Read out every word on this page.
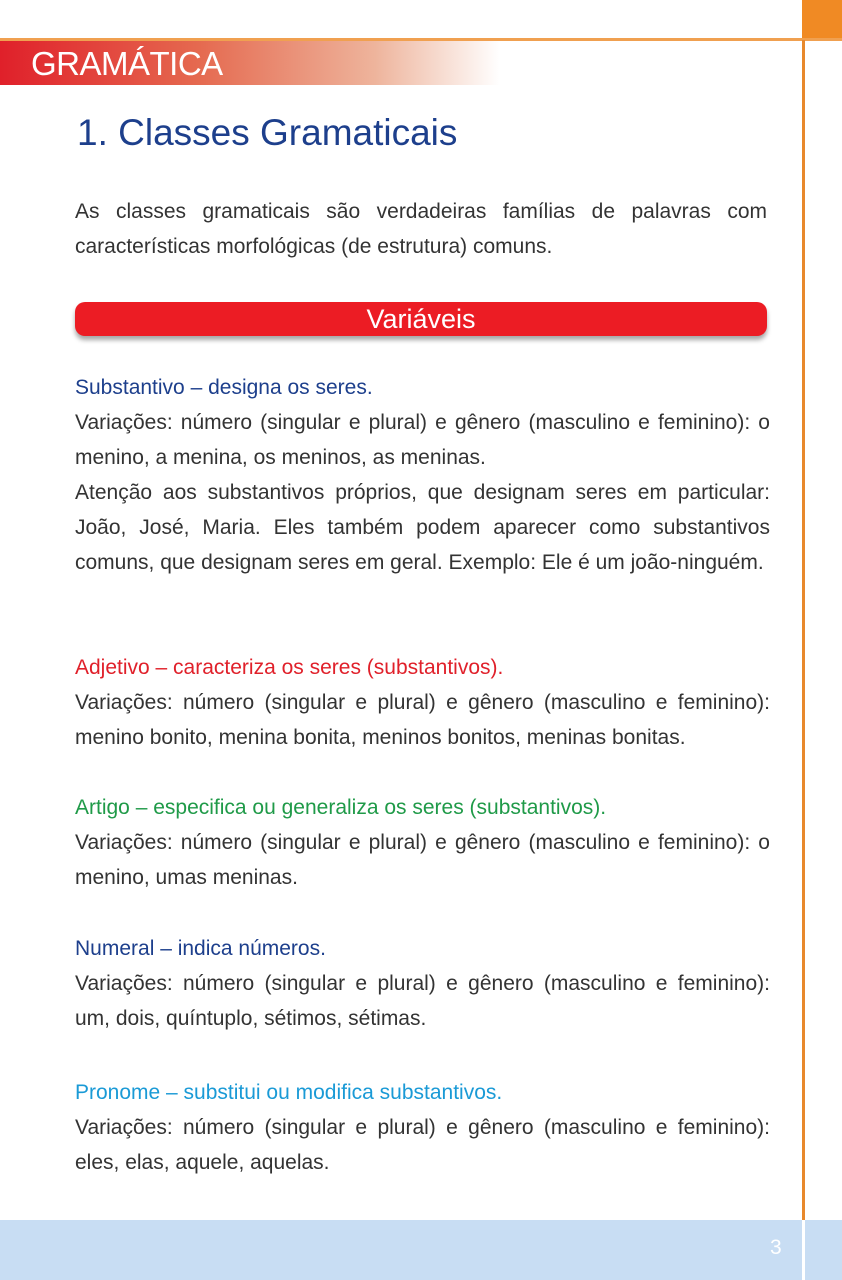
GRAMÁTICA
1. Classes Gramaticais
As classes gramaticais são verdadeiras famílias de palavras com características morfológicas (de estrutura) comuns.
Variáveis

Substantivo – designa os seres.

Variações: número (singular e plural) e gênero (masculino e feminino): o menino, a menina, os meninos, as meninas.

Atenção aos substantivos próprios, que designam seres em particular: João, José, Maria. Eles também podem aparecer como substantivos comuns, que designam seres em geral. Exemplo: Ele é um joão-ninguém.

Adjetivo – caracteriza os seres (substantivos).

Variações: número (singular e plural) e gênero (masculino e feminino): menino bonito, menina bonita, meninos bonitos, meninas bonitas.

Artigo – especifica ou generaliza os seres (substantivos).

Variações: número (singular e plural) e gênero (masculino e feminino): o menino, umas meninas.

Numeral – indica números.

Variações: número (singular e plural) e gênero (masculino e feminino): um, dois, quíntuplo, sétimos, sétimas.

Pronome – substitui ou modifica substantivos.

Variações: número (singular e plural) e gênero (masculino e feminino): eles, elas, aquele, aquelas.

3
